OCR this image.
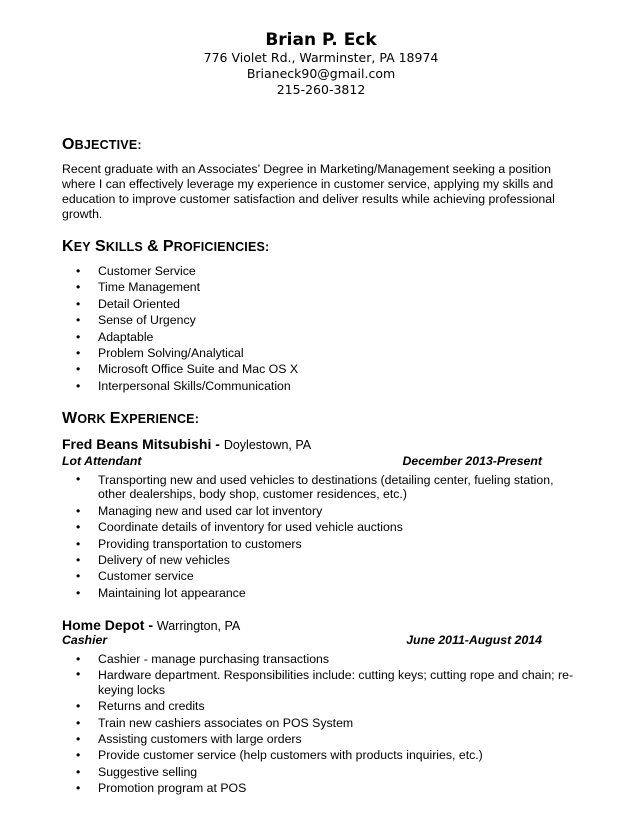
Brian P. Eck
776 Violet Rd., Warminster, PA 18974
Brianeck90@gmail.com
215-260-3812
OBJECTIVE:
Recent graduate with an Associates’ Degree in Marketing/Management seeking a position where I can effectively leverage my experience in customer service, applying my skills and education to improve customer satisfaction and deliver results while achieving professional growth.
KEY SKILLS & PROFICIENCIES:
• Customer Service
• Time Management
• Detail Oriented
• Sense of Urgency
• Adaptable
• Problem Solving/Analytical
• Microsoft Office Suite and Mac OS X
• Interpersonal Skills/Communication
WORK EXPERIENCE:
Fred Beans Mitsubishi - Doylestown, PA
Lot Attendant	December 2013-Present
• Transporting new and used vehicles to destinations (detailing center, fueling station, other dealerships, body shop, customer residences, etc.)
• Managing new and used car lot inventory
• Coordinate details of inventory for used vehicle auctions
• Providing transportation to customers
• Delivery of new vehicles
• Customer service
• Maintaining lot appearance
Home Depot - Warrington, PA
Cashier	June 2011-August 2014
• Cashier - manage purchasing transactions
• Hardware department. Responsibilities include: cutting keys; cutting rope and chain; re-keying locks
• Returns and credits
• Train new cashiers associates on POS System
• Assisting customers with large orders
• Provide customer service (help customers with products inquiries, etc.)
• Suggestive selling
• Promotion program at POS
